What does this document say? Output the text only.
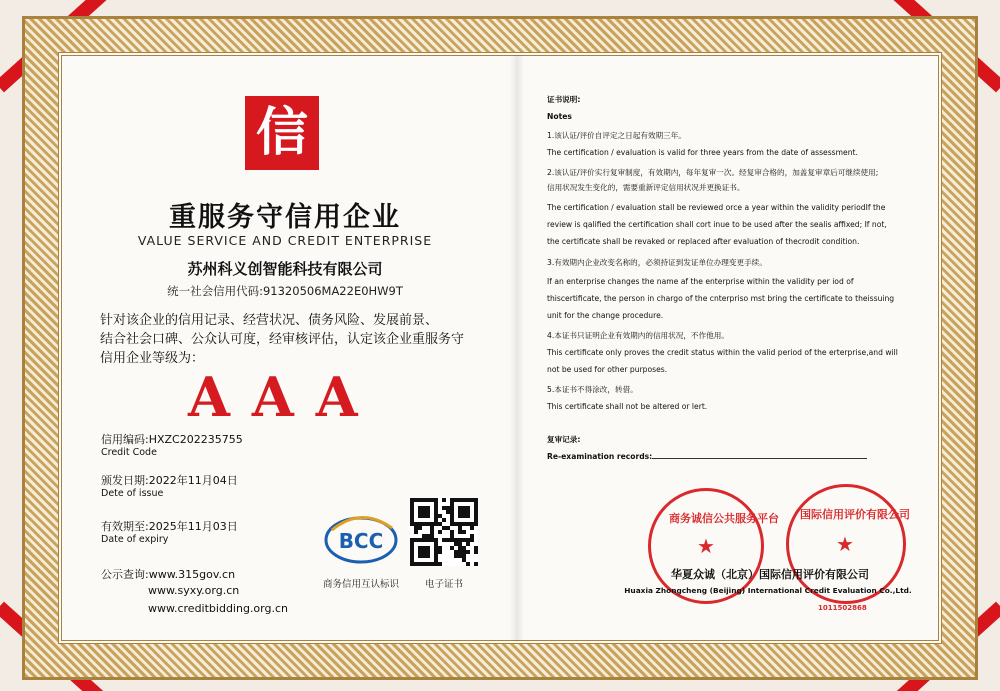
信
重服务守信用企业
VALUE SERVICE AND CREDIT ENTERPRISE
苏州科义创智能科技有限公司
统一社会信用代码:91320506MA22E0HW9T
针对该企业的信用记录、经营状况、债务风险、发展前景、
结合社会口碑、公众认可度，经审核评估，认定该企业重服务守
信用企业等级为：
AAA
信用编码:HXZC202235755
Credit Code
颁发日期:2022年11月04日
Dete of issue
有效期至:2025年11月03日
Date of expiry
公示查询:www.315gov.cn
www.syxy.org.cn
www.creditbidding.org.cn
BCC
商务信用互认标识	电子证书
证书说明:
Notes
1.该认证/评价自评定之日起有效期三年。
The certification / evaluation is valid for three years from the date of assessment.
2.该认证/评价实行复审制度，有效期内，每年复审一次。经复审合格的，加盖复审章后可继续使用;
信用状况发生变化的，需要重新评定信用状况并更换证书。
The certification / evaluation stall be reviewed orce a year within the validity periodIf the
review is qalified the certification shall cort inue to be used after the sealis affixed; If not,
the certificate shall be revaked or replaced after evaluation of thecrodit condition.
3.有效期内企业改变名称的，必须持证到发证单位办理变更手续。
If an enterprise changes the name af the enterprise within the validity per iod of
thiscertificate, the person in chargo of the cnterpriso mst bring the certificate to theissuing
unit for the change procedure.
4.本证书只证明企业有效期内的信用状况，不作他用。
This certificate only proves the credit status within the valid period of the erterprise,and will
not be used for other purposes.
5.本证书不得涂改，转借。
This certificate shall not be altered or lert.
复审记录:
Re-examination records:
商务诚信公共服务平台
★
国际信用评价有限公司
★
1011502868
华夏众诚（北京）国际信用评价有限公司
Huaxia Zhongcheng (Beijing) International Credit Evaluation Co.,Ltd.
